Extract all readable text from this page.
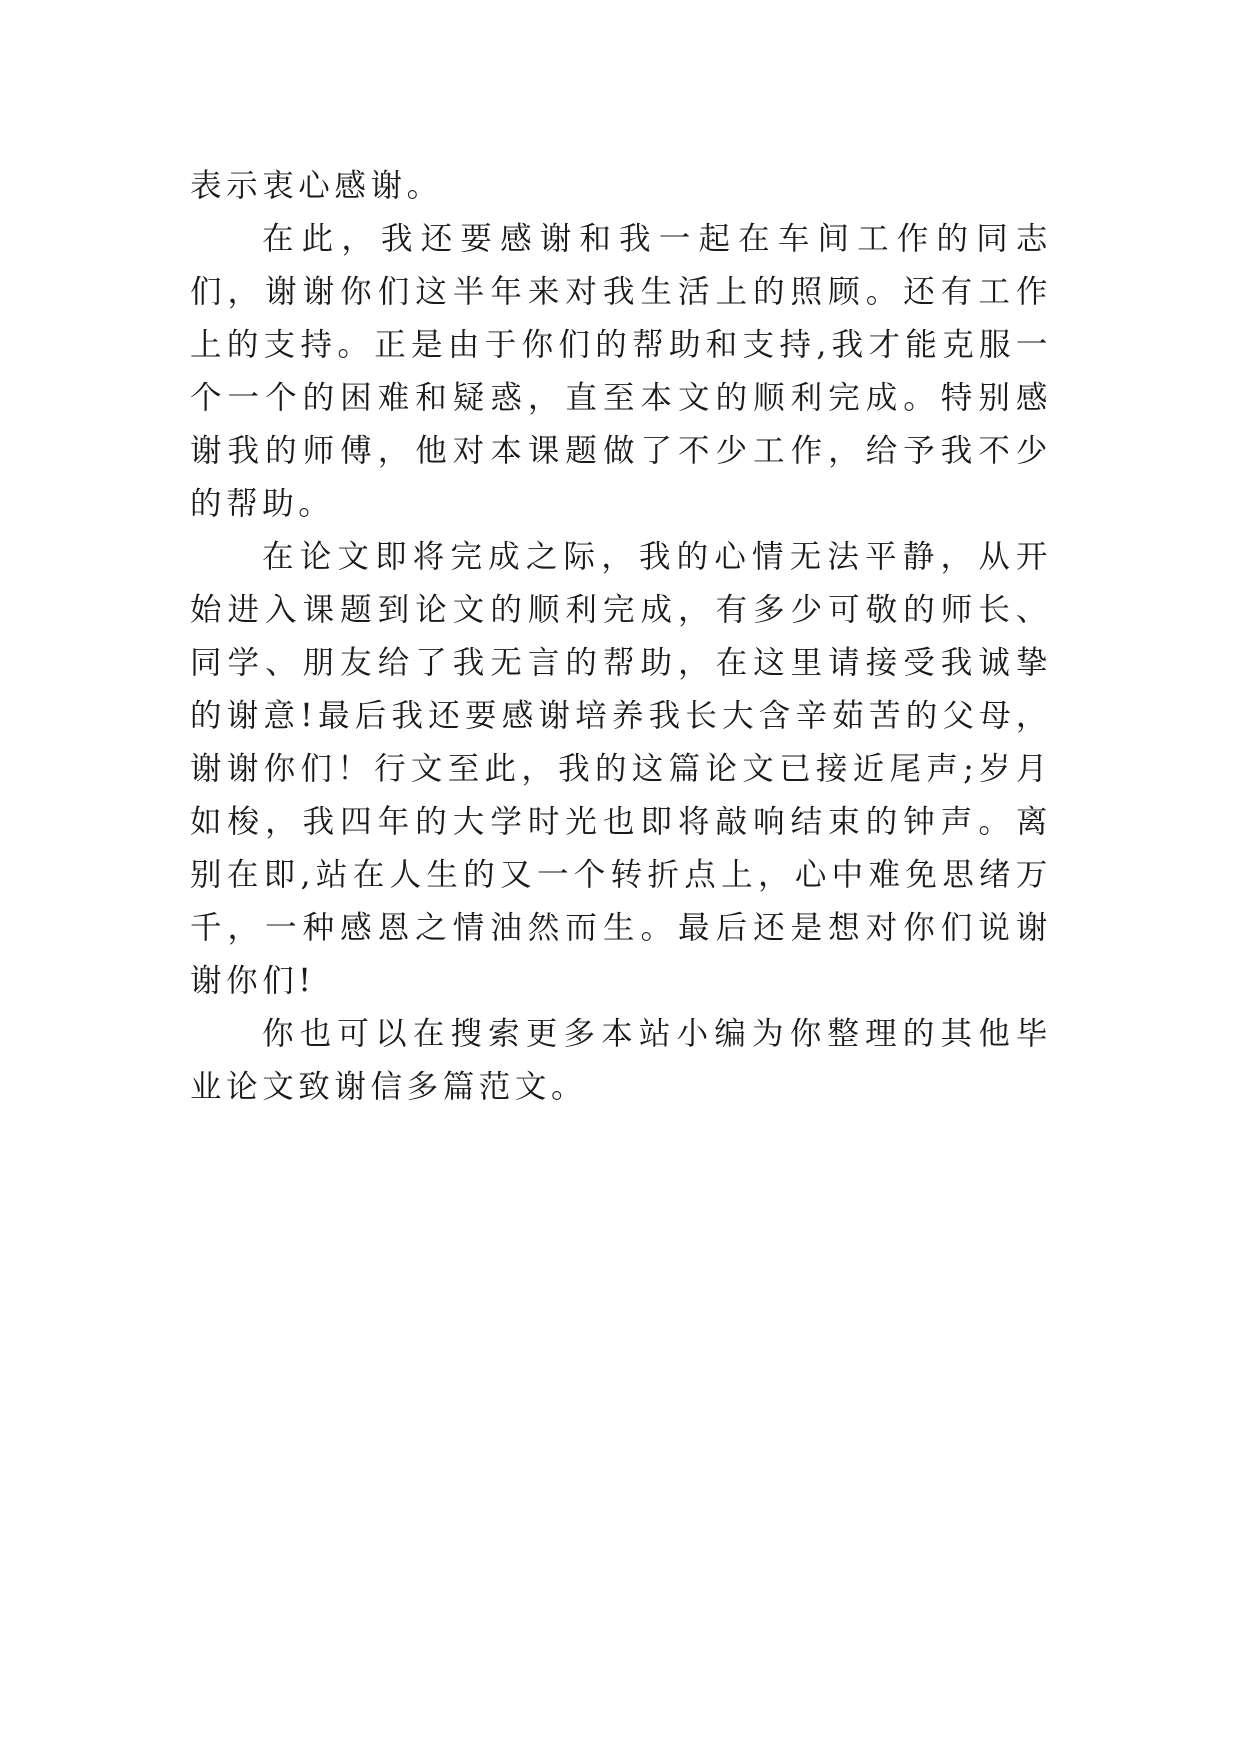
表示衷心感谢。

在此，我还要感谢和我一起在车间工作的同志们，谢谢你们这半年来对我生活上的照顾。还有工作上的支持。正是由于你们的帮助和支持,我才能克服一个一个的困难和疑惑，直至本文的顺利完成。特别感谢我的师傅，他对本课题做了不少工作，给予我不少的帮助。

在论文即将完成之际，我的心情无法平静，从开始进入课题到论文的顺利完成，有多少可敬的师长、同学、朋友给了我无言的帮助，在这里请接受我诚挚的谢意!最后我还要感谢培养我长大含辛茹苦的父母，谢谢你们！行文至此，我的这篇论文已接近尾声;岁月如梭，我四年的大学时光也即将敲响结束的钟声。离别在即,站在人生的又一个转折点上，心中难免思绪万千，一种感恩之情油然而生。最后还是想对你们说谢谢你们!

你也可以在搜索更多本站小编为你整理的其他毕业论文致谢信多篇范文。
